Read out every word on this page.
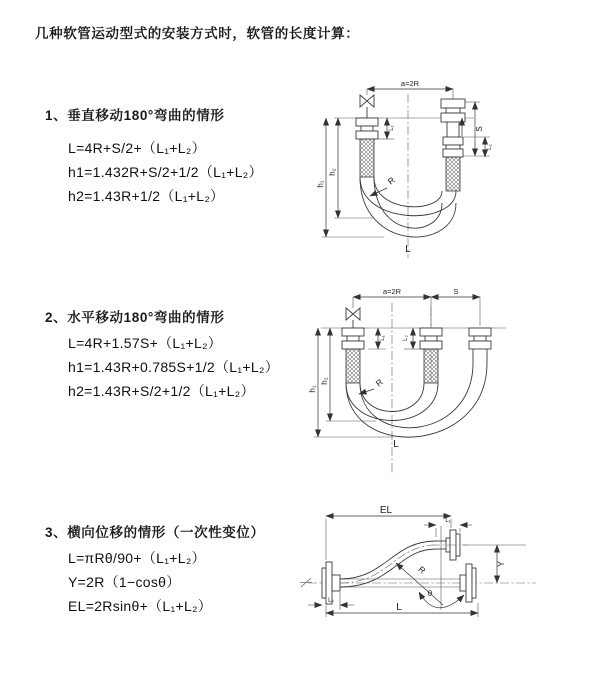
几种软管运动型式的安装方式时，软管的长度计算：
1、垂直移动180°弯曲的情形
L=4R+S/2+（L₁+L₂）
h1=1.432R+S/2+1/2（L₁+L₂）
h2=1.43R+1/2（L₁+L₂）
2、水平移动180°弯曲的情形
L=4R+1.57S+（L₁+L₂）
h1=1.43R+0.785S+1/2（L₁+L₂）
h2=1.43R+S/2+1/2（L₁+L₂）
3、横向位移的情形（一次性变位）
L=πRθ/90+（L₁+L₂）
Y=2R（1−cosθ）
EL=2Rsinθ+（L₁+L₂）
a=2R
h₁
h₂
L₁	S
L₂
R
L
a=2R	S
h₁
h₂
L₁	L₂
R
L
EL
L₁
Y
θ
R
L₂
L
